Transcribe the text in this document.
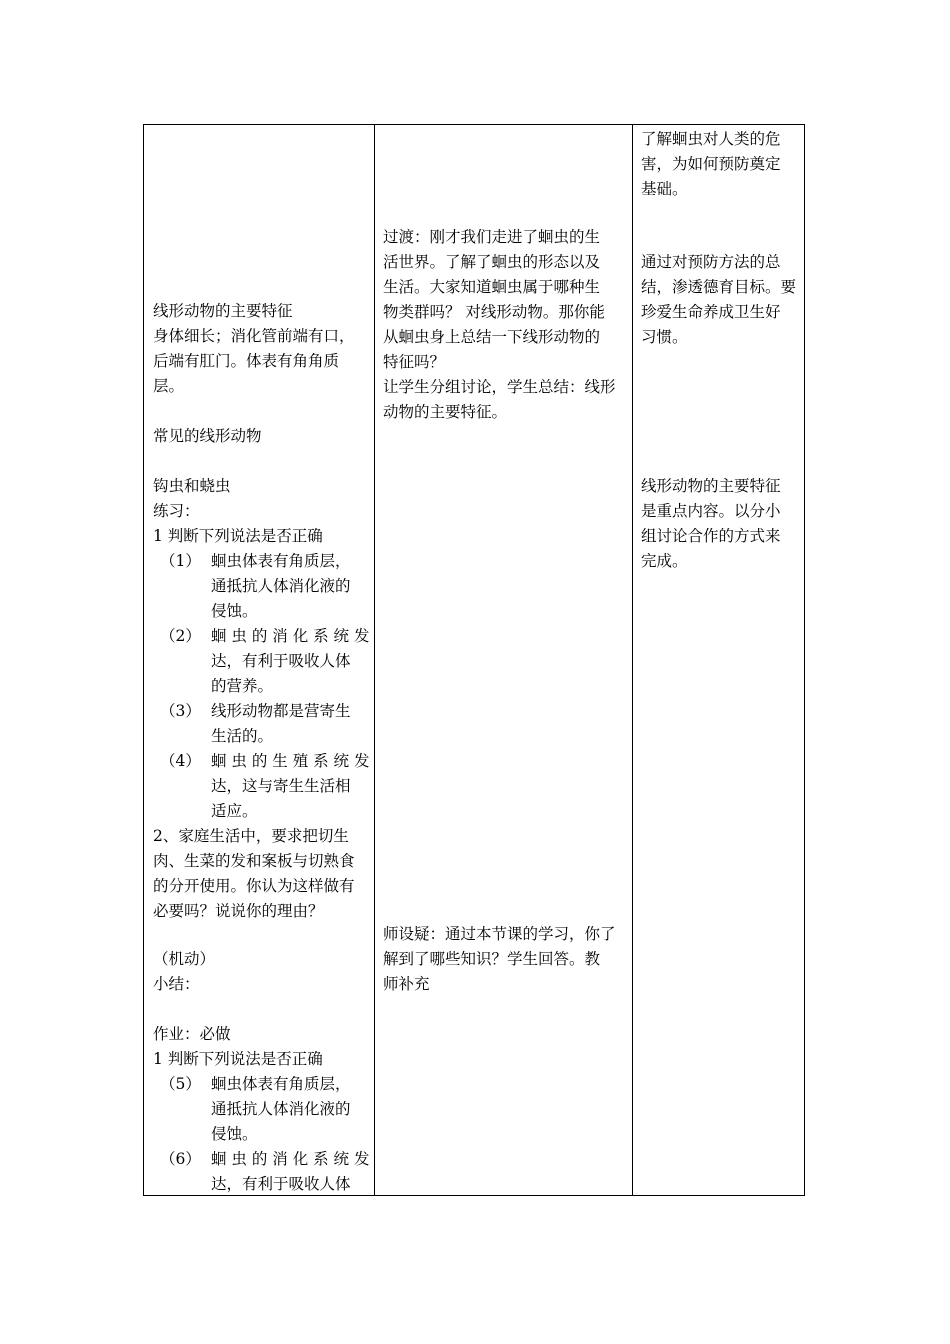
线形动物的主要特征
身体细长；消化管前端有口，
后端有肛门。体表有角角质
层。
常见的线形动物
钩虫和蛲虫
练习：
1 判断下列说法是否正确
（1） 蛔虫体表有角质层，
通抵抗人体消化液的
侵蚀。
（2） 蛔 虫 的 消 化 系 统 发
达，有利于吸收人体
的营养。
（3） 线形动物都是营寄生
生活的。
（4） 蛔 虫 的 生 殖 系 统 发
达，这与寄生生活相
适应。
2、家庭生活中，要求把切生
肉、生菜的发和案板与切熟食
的分开使用。你认为这样做有
必要吗？说说你的理由？
（机动）
小结：
作业：必做
1 判断下列说法是否正确
（5） 蛔虫体表有角质层，
通抵抗人体消化液的
侵蚀。
（6） 蛔 虫 的 消 化 系 统 发
达，有利于吸收人体
过渡：刚才我们走进了蛔虫的生
活世界。了解了蛔虫的形态以及
生活。大家知道蛔虫属于哪种生
物类群吗？ 对线形动物。那你能
从蛔虫身上总结一下线形动物的
特征吗？
让学生分组讨论，学生总结：线形
动物的主要特征。
师设疑：通过本节课的学习，你了
解到了哪些知识？学生回答。教
师补充
了解蛔虫对人类的危
害，为如何预防奠定
基础。
通过对预防方法的总
结，渗透德育目标。要
珍爱生命养成卫生好
习惯。
线形动物的主要特征
是重点内容。以分小
组讨论合作的方式来
完成。
